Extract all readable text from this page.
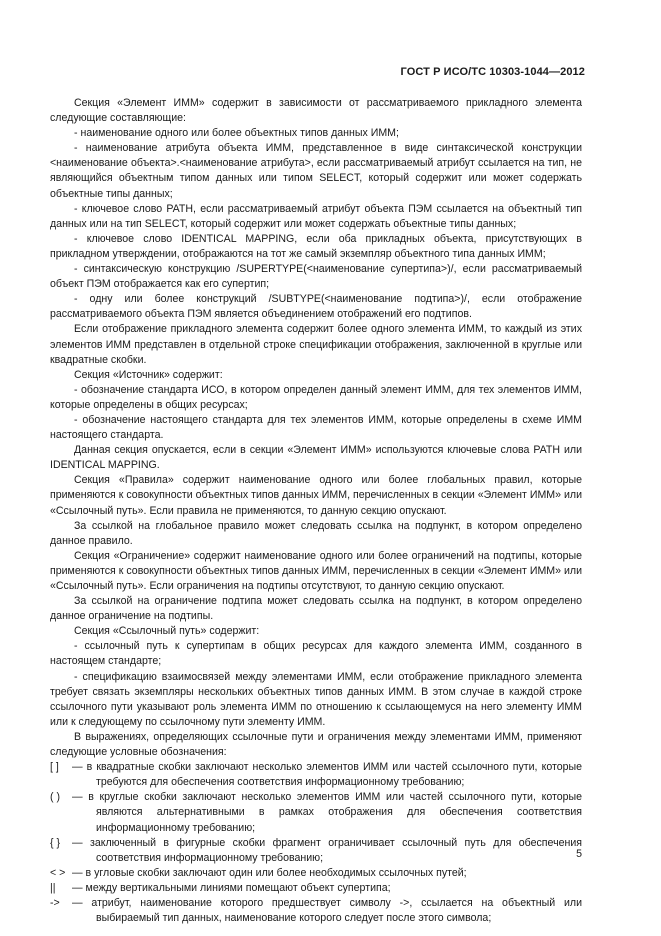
ГОСТ Р ИСО/ТС 10303-1044—2012

Секция «Элемент ИММ» содержит в зависимости от рассматриваемого прикладного элемента следующие составляющие:

- наименование одного или более объектных типов данных ИММ;
- наименование атрибута объекта ИММ, представленное в виде синтаксической конструкции <наименование объекта>.<наименование атрибута>, если рассматриваемый атрибут ссылается на тип, не являющийся объектным типом данных или типом SELECT, который содержит или может содержать объектные типы данных;
- ключевое слово PATH, если рассматриваемый атрибут объекта ПЭМ ссылается на объектный тип данных или на тип SELECT, который содержит или может содержать объектные типы данных;
- ключевое слово IDENTICAL MAPPING, если оба прикладных объекта, присутствующих в прикладном утверждении, отображаются на тот же самый экземпляр объектного типа данных ИММ;
- синтаксическую конструкцию /SUPERTYPE(<наименование супертипа>)/, если рассматриваемый объект ПЭМ отображается как его супертип;
- одну или более конструкций /SUBTYPE(<наименование подтипа>)/, если отображение рассматриваемого объекта ПЭМ является объединением отображений его подтипов.

Если отображение прикладного элемента содержит более одного элемента ИММ, то каждый из этих элементов ИММ представлен в отдельной строке спецификации отображения, заключенной в круглые или квадратные скобки.

Секция «Источник» содержит:

- обозначение стандарта ИСО, в котором определен данный элемент ИММ, для тех элементов ИММ, которые определены в общих ресурсах;
- обозначение настоящего стандарта для тех элементов ИММ, которые определены в схеме ИММ настоящего стандарта.

Данная секция опускается, если в секции «Элемент ИММ» используются ключевые слова PATH или IDENTICAL MAPPING.

Секция «Правила» содержит наименование одного или более глобальных правил, которые применяются к совокупности объектных типов данных ИММ, перечисленных в секции «Элемент ИММ» или «Ссылочный путь». Если правила не применяются, то данную секцию опускают.

За ссылкой на глобальное правило может следовать ссылка на подпункт, в котором определено данное правило.

Секция «Ограничение» содержит наименование одного или более ограничений на подтипы, которые применяются к совокупности объектных типов данных ИММ, перечисленных в секции «Элемент ИММ» или «Ссылочный путь». Если ограничения на подтипы отсутствуют, то данную секцию опускают.

За ссылкой на ограничение подтипа может следовать ссылка на подпункт, в котором определено данное ограничение на подтипы.

Секция «Ссылочный путь» содержит:

- ссылочный путь к супертипам в общих ресурсах для каждого элемента ИММ, созданного в настоящем стандарте;
- спецификацию взаимосвязей между элементами ИММ, если отображение прикладного элемента требует связать экземпляры нескольких объектных типов данных ИММ. В этом случае в каждой строке ссылочного пути указывают роль элемента ИММ по отношению к ссылающемуся на него элементу ИММ или к следующему по ссылочному пути элементу ИММ.

В выражениях, определяющих ссылочные пути и ограничения между элементами ИММ, применяют следующие условные обозначения:

[ ]	— в квадратные скобки заключают несколько элементов ИММ или частей ссылочного пути, которые требуются для обеспечения соответствия информационному требованию;
( )	— в круглые скобки заключают несколько элементов ИММ или частей ссылочного пути, которые являются альтернативными в рамках отображения для обеспечения соответствия информационному требованию;
{ }	— заключенный в фигурные скобки фрагмент ограничивает ссылочный путь для обеспечения соответствия информационному требованию;
< > — в угловые скобки заключают один или более необходимых ссылочных путей;
||	— между вертикальными линиями помещают объект супертипа;
->	— атрибут, наименование которого предшествует символу ->, ссылается на объектный или выбираемый тип данных, наименование которого следует после этого символа;
5
